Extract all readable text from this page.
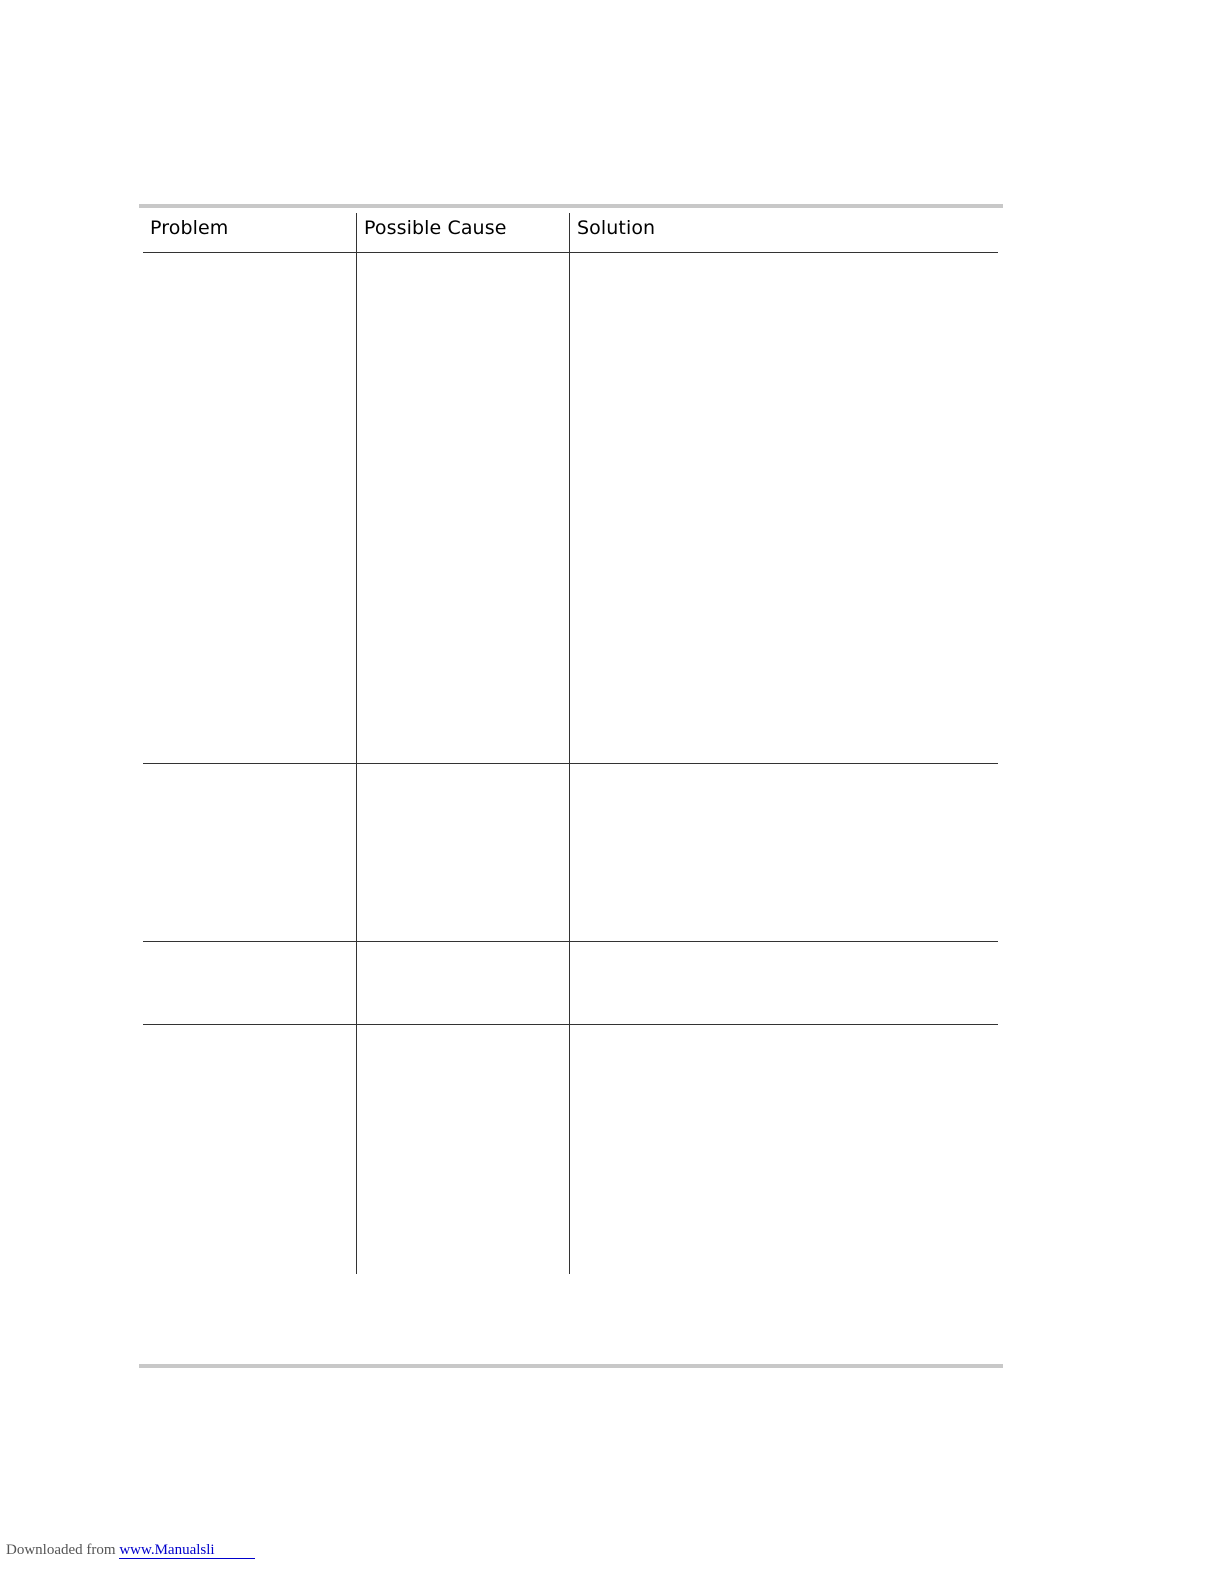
Problem	Possible Cause	Solution
Downloaded from www.Manualsli
